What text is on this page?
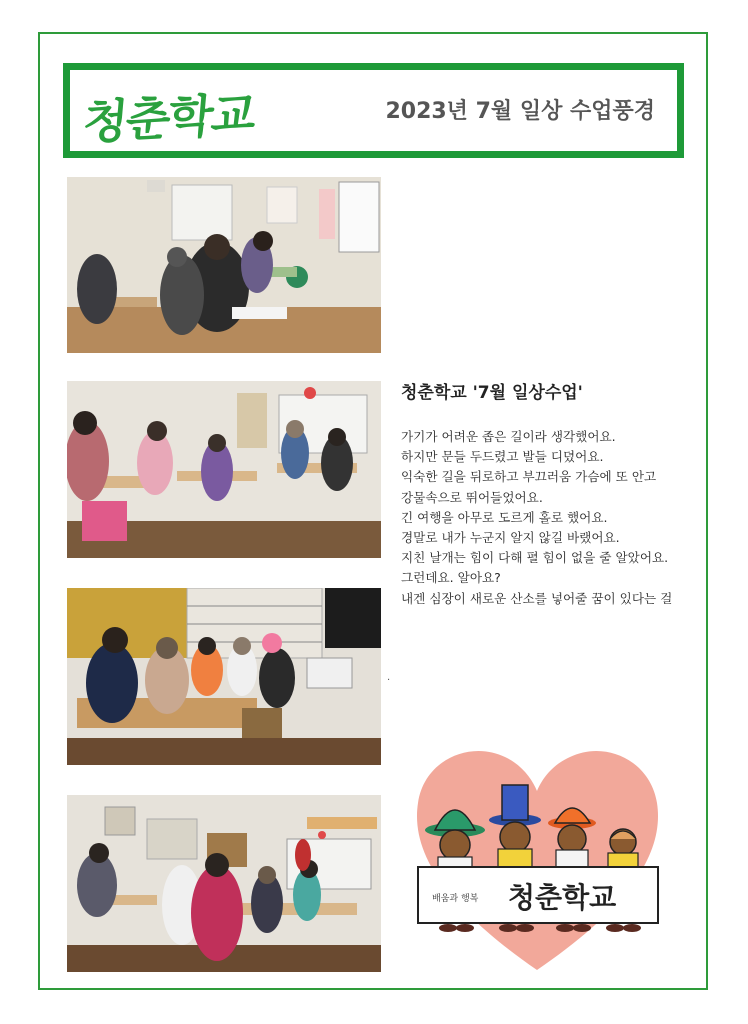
청춘학교	2023년 7월 일상 수업풍경
청춘학교 '7월 일상수업'
가기가 어려운 좁은 길이라 생각했어요.
하지만 문들 두드렸고 발들 디뎠어요.
익숙한 길을 뒤로하고 부끄러움 가슴에 또 안고
강물속으로 뛰어들었어요.
긴 여행을 아무로 도르게 홀로 했어요.
경말로 내가 누군지 알지 않길 바랬어요.
지친 날개는 힘이 다해 펼 힘이 없을 줄 알았어요.
그런데요. 알아요?
내겐 심장이 새로운 산소를 넣어줄 꿈이 있다는 걸
.
배움과 행복 청춘학교
